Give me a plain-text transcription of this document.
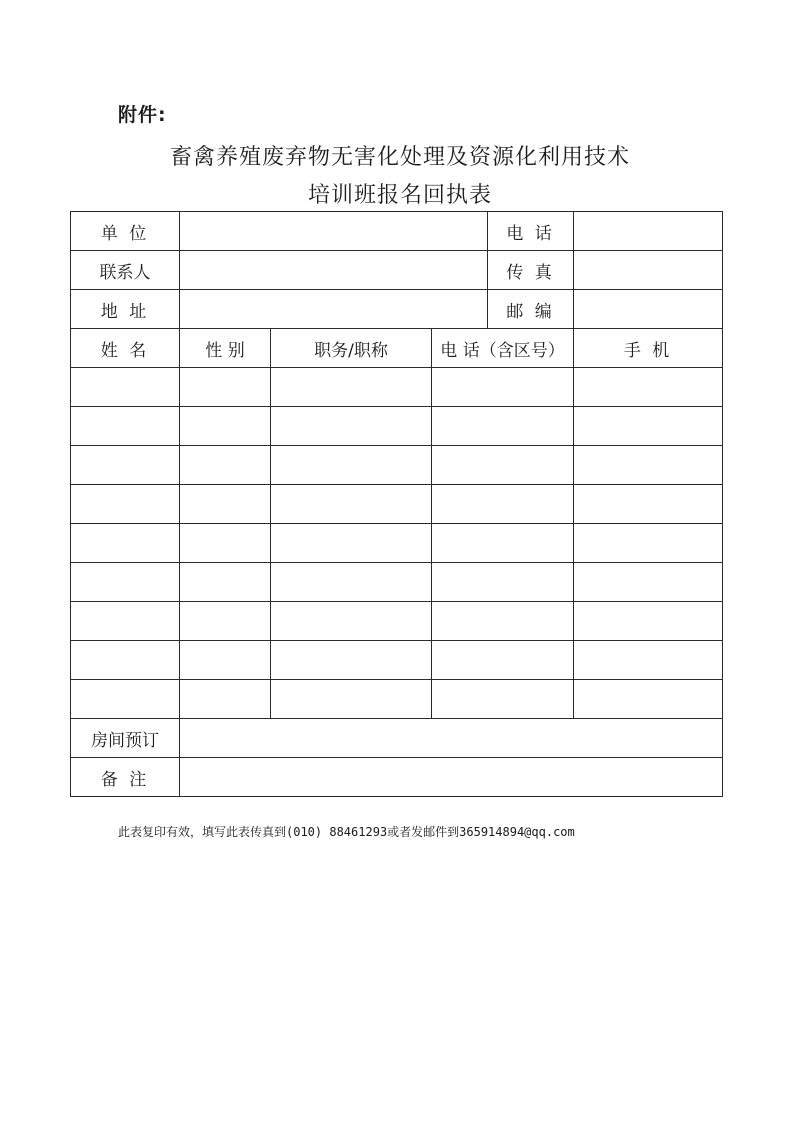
附件:
畜禽养殖废弃物无害化处理及资源化利用技术
培训班报名回执表
单 位				电 话	
联系人				传 真	
地 址				邮 编	
姓 名	性 别	职务/职称	电 话（含区号）		手 机

房间预订					
备 注					
此表复印有效，填写此表传真到(010) 88461293或者发邮件到365914894@qq.com
